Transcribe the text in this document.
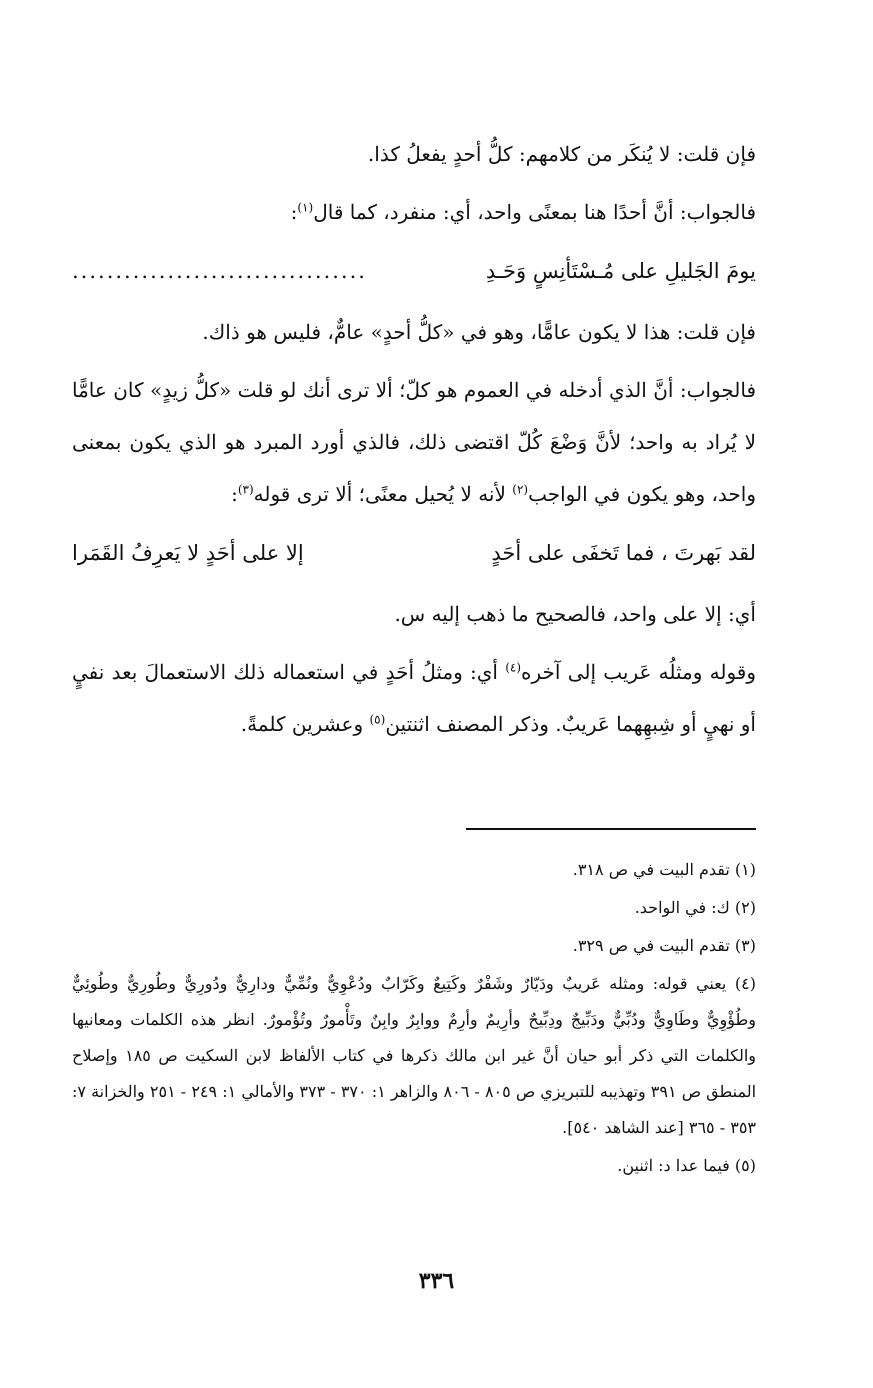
فإن قلت: لا يُنكَر من كلامهم: كلُّ أحدٍ يفعلُ كذا.

فالجواب: أنَّ أحدًا هنا بمعنًى واحد، أي: منفرد، كما قال$^{(١)}$:

يومَ الجَليلِ على مُـسْتَأنِسٍ وَحَـدِ
..................................

فإن قلت: هذا لا يكون عامًّا، وهو في «كلُّ أحدٍ» عامٌّ، فليس هو ذاك.

فالجواب: أنَّ الذي أدخله في العموم هو كلّ؛ ألا ترى أنك لو قلت «كلُّ زيدٍ» كان عامًّا لا يُراد به واحد؛ لأنَّ وَضْعَ كُلّ اقتضى ذلك، فالذي أورد المبرد هو الذي يكون بمعنى واحد، وهو يكون في الواجب$^{(٢)}$ لأنه لا يُحيل معنًى؛ ألا ترى قوله$^{(٣)}$:

لقد بَهرتَ ، فما تَخفَى على أحَدٍ
إلا على أحَدٍ لا يَعرِفُ القَمَرا

أي: إلا على واحد، فالصحيح ما ذهب إليه س.

وقوله ومثلُه عَريب إلى آخره$^{(٤)}$ أي: ومثلُ أحَدٍ في استعماله ذلك الاستعمالَ بعد نفيٍ أو نهيٍ أو شِبهِهما عَريبٌ. وذكر المصنف اثنتين$^{(٥)}$ وعشرين كلمةً.

(١) تقدم البيت في ص ٣١٨.

(٢) ك: في الواحد.

(٣) تقدم البيت في ص ٣٢٩.

(٤) يعني قوله: ومثله عَريبٌ ودَيّارٌ وشَفْرٌ وكَتِيعٌ وكَرّابٌ ودُعْوِيٌّ ونُمِّيٌّ ودارِيٌّ ودُورِيٌّ وطُورِيٌّ وطُوئِيٌّ وطُؤْوِيٌّ وطَاوِيٌّ ودُبِّيٌّ ودَبِّيجٌ ودِبِّيحٌ وأرِيمٌ وأرِمٌ ووابِرٌ وابِنٌ وتَأْمورٌ وتُؤْمورٌ. انظر هذه الكلمات ومعانيها والكلمات التي ذكر أبو حيان أنَّ غير ابن مالك ذكرها في كتاب الألفاظ لابن السكيت ص ١٨٥ وإصلاح المنطق ص ٣٩١ وتهذيبه للتبريزي ص ٨٠٥ - ٨٠٦ والزاهر ١: ٣٧٠ - ٣٧٣ والأمالي ١: ٢٤٩ - ٢٥١ والخزانة ٧: ٣٥٣ - ٣٦٥ [عند الشاهد ٥٤٠].

(٥) فيما عدا د: اثنين.

٣٣٦
